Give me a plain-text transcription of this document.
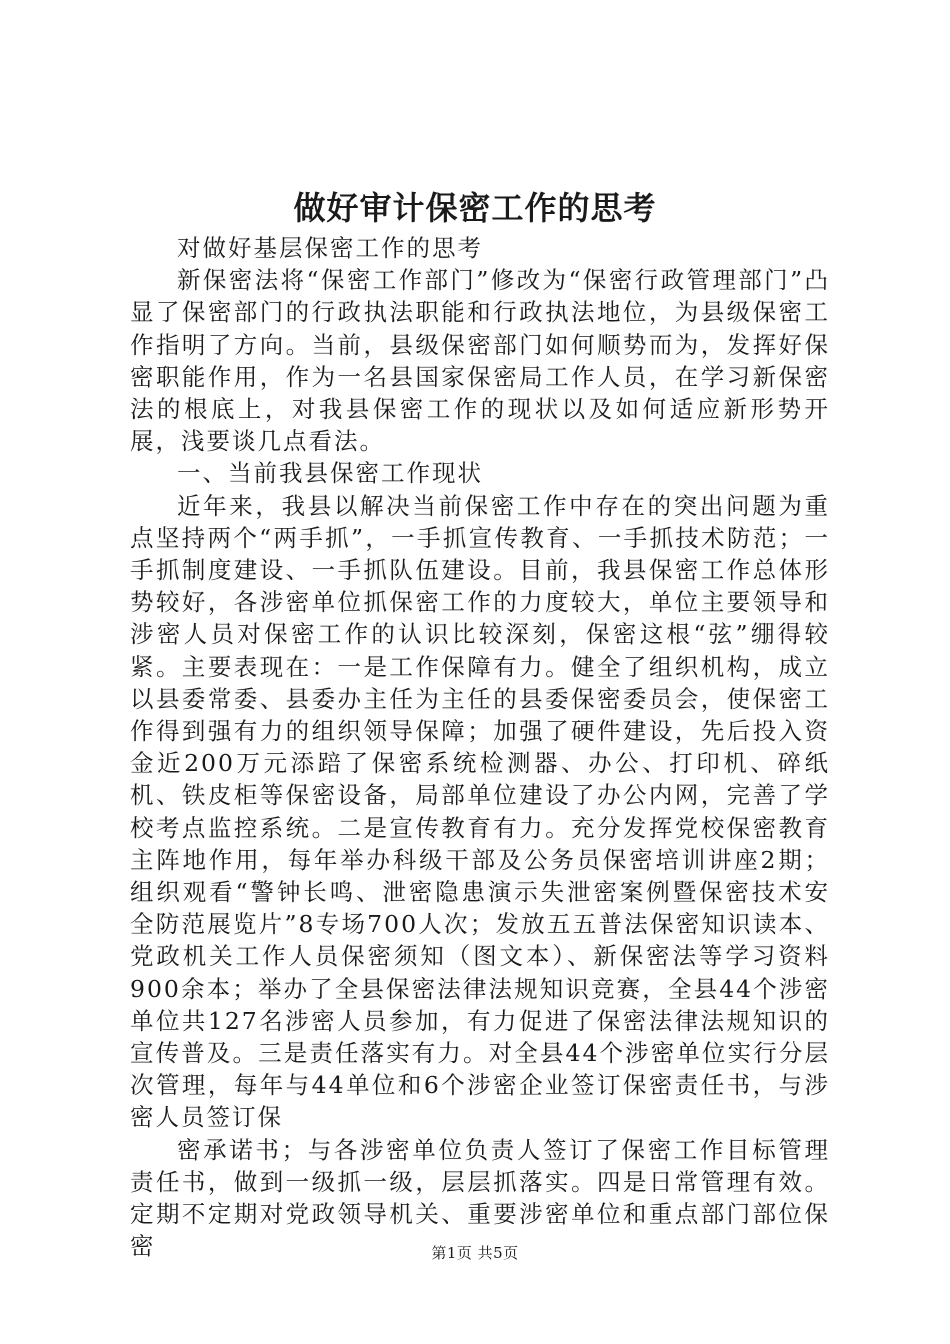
做好审计保密工作的思考

对做好基层保密工作的思考

新保密法将“保密工作部门”修改为“保密行政管理部门”凸显了保密部门的行政执法职能和行政执法地位，为县级保密工作指明了方向。当前，县级保密部门如何顺势而为，发挥好保密职能作用，作为一名县国家保密局工作人员，在学习新保密法的根底上，对我县保密工作的现状以及如何适应新形势开展，浅要谈几点看法。

一、当前我县保密工作现状

近年来，我县以解决当前保密工作中存在的突出问题为重点坚持两个“两手抓”，一手抓宣传教育、一手抓技术防范；一手抓制度建设、一手抓队伍建设。目前，我县保密工作总体形势较好，各涉密单位抓保密工作的力度较大，单位主要领导和涉密人员对保密工作的认识比较深刻，保密这根“弦”绷得较紧。主要表现在：一是工作保障有力。健全了组织机构，成立以县委常委、县委办主任为主任的县委保密委员会，使保密工作得到强有力的组织领导保障；加强了硬件建设，先后投入资金近200万元添踣了保密系统检测器、办公、打印机、碎纸机、铁皮柜等保密设备，局部单位建设了办公内网，完善了学校考点监控系统。二是宣传教育有力。充分发挥党校保密教育主阵地作用，每年举办科级干部及公务员保密培训讲座2期；组织观看“警钟长鸣、泄密隐患演示失泄密案例暨保密技术安全防范展览片”8专场700人次；发放五五普法保密知识读本、党政机关工作人员保密须知（图文本）、新保密法等学习资料900余本；举办了全县保密法律法规知识竞赛，全县44个涉密单位共127名涉密人员参加，有力促进了保密法律法规知识的宣传普及。三是责任落实有力。对全县44个涉密单位实行分层次管理，每年与44单位和6个涉密企业签订保密责任书，与涉密人员签订保

密承诺书；与各涉密单位负责人签订了保密工作目标管理责任书，做到一级抓一级，层层抓落实。四是日常管理有效。定期不定期对党政领导机关、重要涉密单位和重点部门部位保密	第1页 共5页
